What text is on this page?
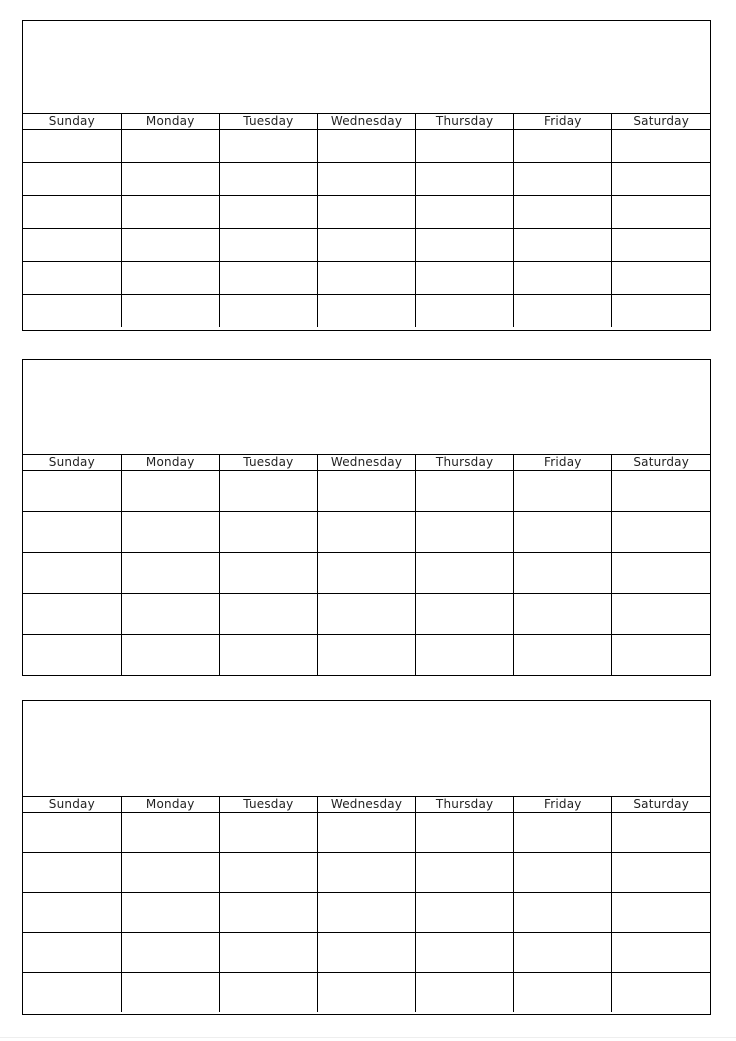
Sunday	Monday	Tuesday	Wednesday	Thursday	Friday	Saturday

Sunday	Monday	Tuesday	Wednesday	Thursday	Friday	Saturday

Sunday	Monday	Tuesday	Wednesday	Thursday	Friday	Saturday
